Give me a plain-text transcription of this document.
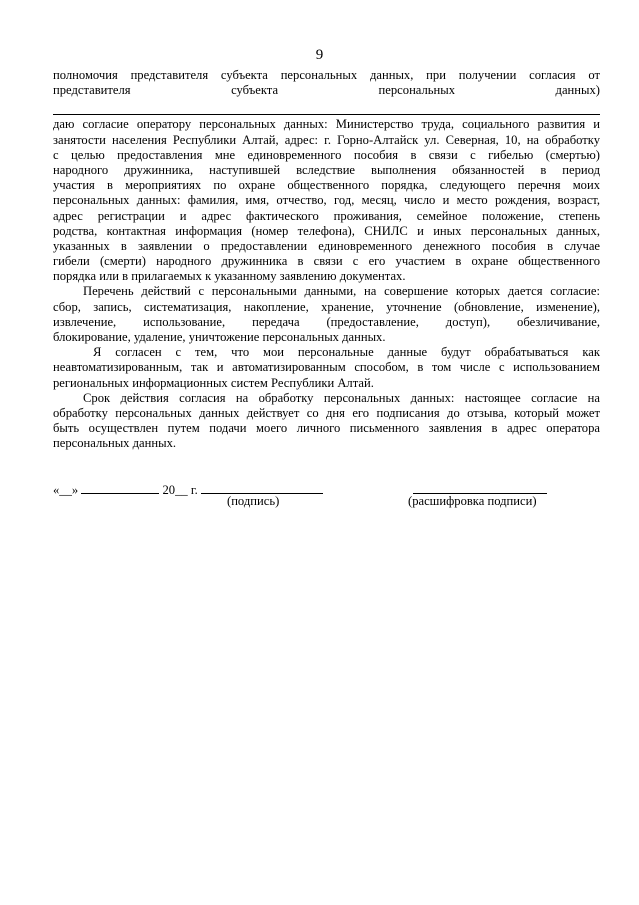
9
полномочия представителя субъекта персональных данных, при получении согласия от
представителя субъекта персональных данных)
даю согласие оператору персональных данных: Министерство труда, социального развития и
занятости населения Республики Алтай, адрес: г. Горно-Алтайск ул. Северная, 10, на обработку
с целью предоставления мне единовременного пособия в связи с гибелью (смертью)
народного дружинника, наступившей вследствие выполнения обязанностей в период
участия в мероприятиях по охране общественного порядка, следующего перечня моих
персональных данных: фамилия, имя, отчество, год, месяц, число и место рождения, возраст,
адрес регистрации и адрес фактического проживания, семейное положение, степень
родства, контактная информация (номер телефона), СНИЛС и иных персональных данных,
указанных в заявлении о предоставлении единовременного денежного пособия в случае
гибели (смерти) народного дружинника в связи с его участием в охране общественного
порядка или в прилагаемых к указанному заявлению документах.
Перечень действий с персональными данными, на совершение которых дается согласие:
сбор, запись, систематизация, накопление, хранение, уточнение (обновление, изменение),
извлечение, использование, передача (предоставление, доступ), обезличивание,
блокирование, удаление, уничтожение персональных данных.
Я согласен с тем, что мои персональные данные будут обрабатываться как
неавтоматизированным, так и автоматизированным способом, в том числе с использованием
региональных информационных систем Республики Алтай.
Срок действия согласия на обработку персональных данных: настоящее согласие на
обработку персональных данных действует со дня его подписания до отзыва, который может
быть осуществлен путем подачи моего личного письменного заявления в адрес оператора
персональных данных.
«__»	20__ г.
(подпись)	(расшифровка подписи)
